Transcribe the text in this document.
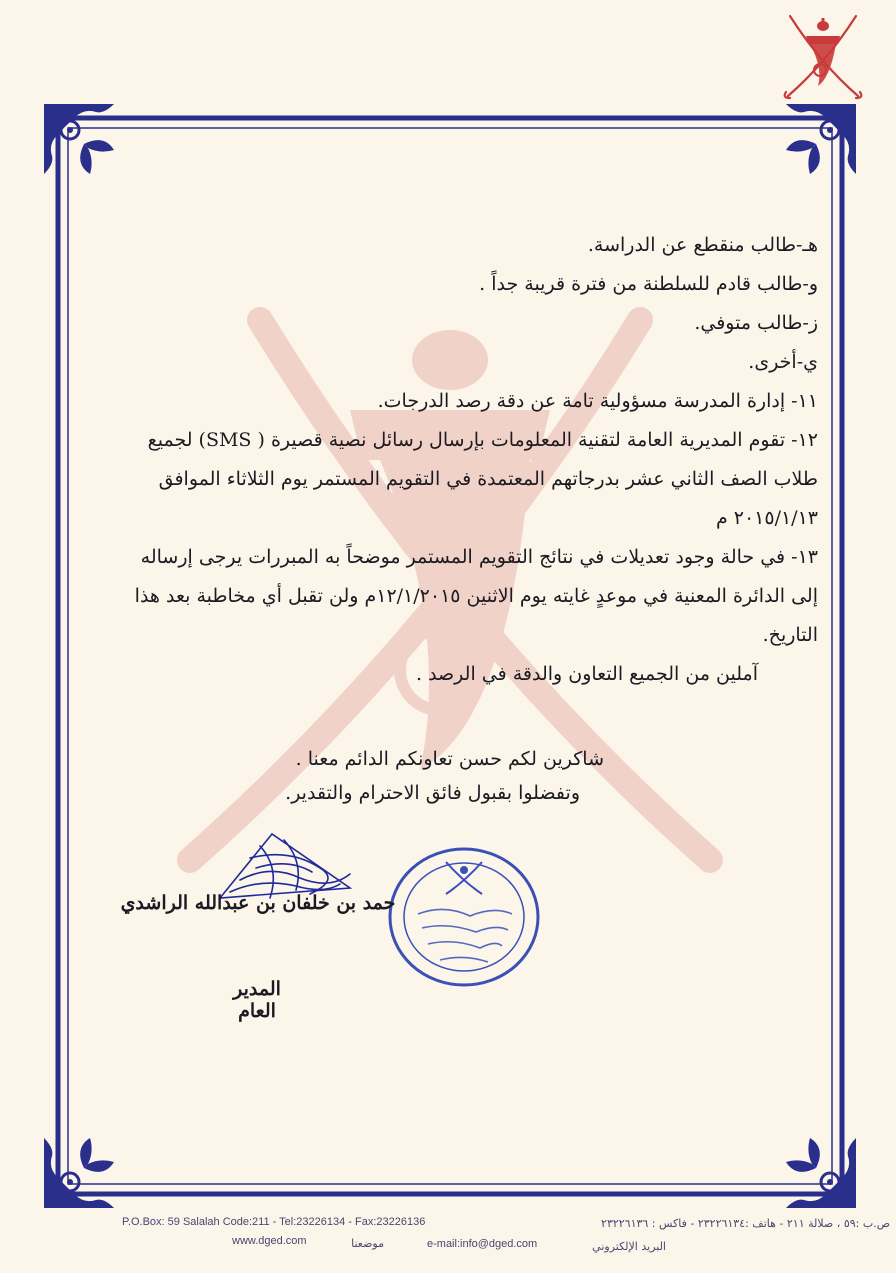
هـ-طالب منقطع عن الدراسة.
و-طالب قادم للسلطنة من فترة قريبة جداً .
ز-طالب متوفي.
ي-أخرى.
١١- إدارة المدرسة مسؤولية تامة عن دقة رصد الدرجات.
١٢- تقوم المديرية العامة لتقنية المعلومات بإرسال رسائل نصية قصيرة ( SMS) لجميع
طلاب الصف الثاني عشر بدرجاتهم المعتمدة في التقويم المستمر يوم الثلاثاء الموافق
٢٠١٥/١/١٣ م
١٣- في حالة وجود تعديلات في نتائج التقويم المستمر موضحاً به المبررات يرجى إرساله
إلى الدائرة المعنية في موعدٍ غايته يوم الاثنين ١٢/١/٢٠١٥م ولن تقبل أي مخاطبة بعد هذا
التاريخ.
آملين من الجميع التعاون والدقة في الرصد .
شاكرين لكم حسن تعاونكم الدائم معنا .
وتفضلوا بقبول فائق الاحترام والتقدير.
حمد بن خلفان بن عبدالله الراشدي
المدير العام
P.O.Box: 59 Salalah Code:211 - Tel:23226134 - Fax:23226136	ص.ب :٥٩ ، صلالة ٢١١ - هاتف :٢٣٢٢٦١٣٤ - فاكس : ٢٣٢٢٦١٣٦
www.dged.com	موضعنا	e-mail:info@dged.com	البريد الإلكتروني
